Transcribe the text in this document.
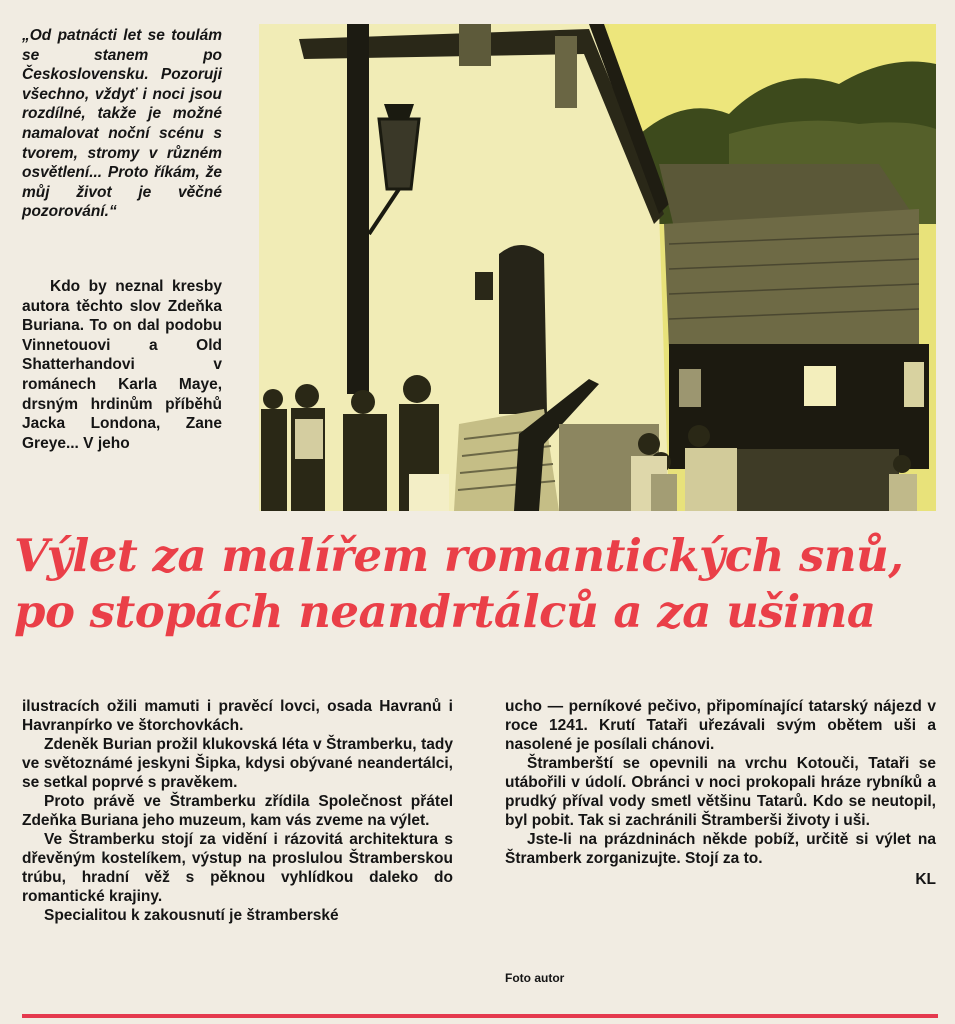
„Od patnácti let se toulám se stanem po Československu. Pozoruji všechno, vždyť i noci jsou rozdílné, takže je možné namalovat noční scénu s tvorem, stromy v různém osvětlení... Proto říkám, že můj život je věčné pozorování.“
Kdo by neznal kresby autora těchto slov Zdeňka Buriana. To on dal podobu Vinnetouovi a Old Shatterhandovi v románech Karla Maye, drsným hrdinům příběhů Jacka Londona, Zane Greye... V jeho
Výlet za malířem romantických snů,
po stopách neandrtálců a za ušima

ilustracích ožili mamuti i pravěcí lovci, osada Havranů i Havranpírko ve štorchovkách.

Zdeněk Burian prožil klukovská léta v Štramberku, tady ve světoznámé jeskyni Šipka, kdysi obývané neandertálci, se setkal poprvé s pravěkem.

Proto právě ve Štramberku zřídila Společnost přátel Zdeňka Buriana jeho muzeum, kam vás zveme na výlet.

Ve Štramberku stojí za vidění i rázovitá architektura s dřevěným kostelíkem, výstup na proslulou Štramberskou trúbu, hradní věž s pěknou vyhlídkou daleko do romantické krajiny.

Specialitou k zakousnutí je štramberské

ucho — perníkové pečivo, připomínající tatarský nájezd v roce 1241. Krutí Tataři uřezávali svým obětem uši a nasolené je posílali chánovi.

Štramberští se opevnili na vrchu Kotouči, Tataři se utábořili v údolí. Obránci v noci prokopali hráze rybníků a prudký příval vody smetl většinu Tatarů. Kdo se neutopil, byl pobit. Tak si zachránili Štramberši životy i uši.

Jste-li na prázdninách někde pobíž, určitě si výlet na Štramberk zorganizujte. Stojí za to.

KL
Foto autor
